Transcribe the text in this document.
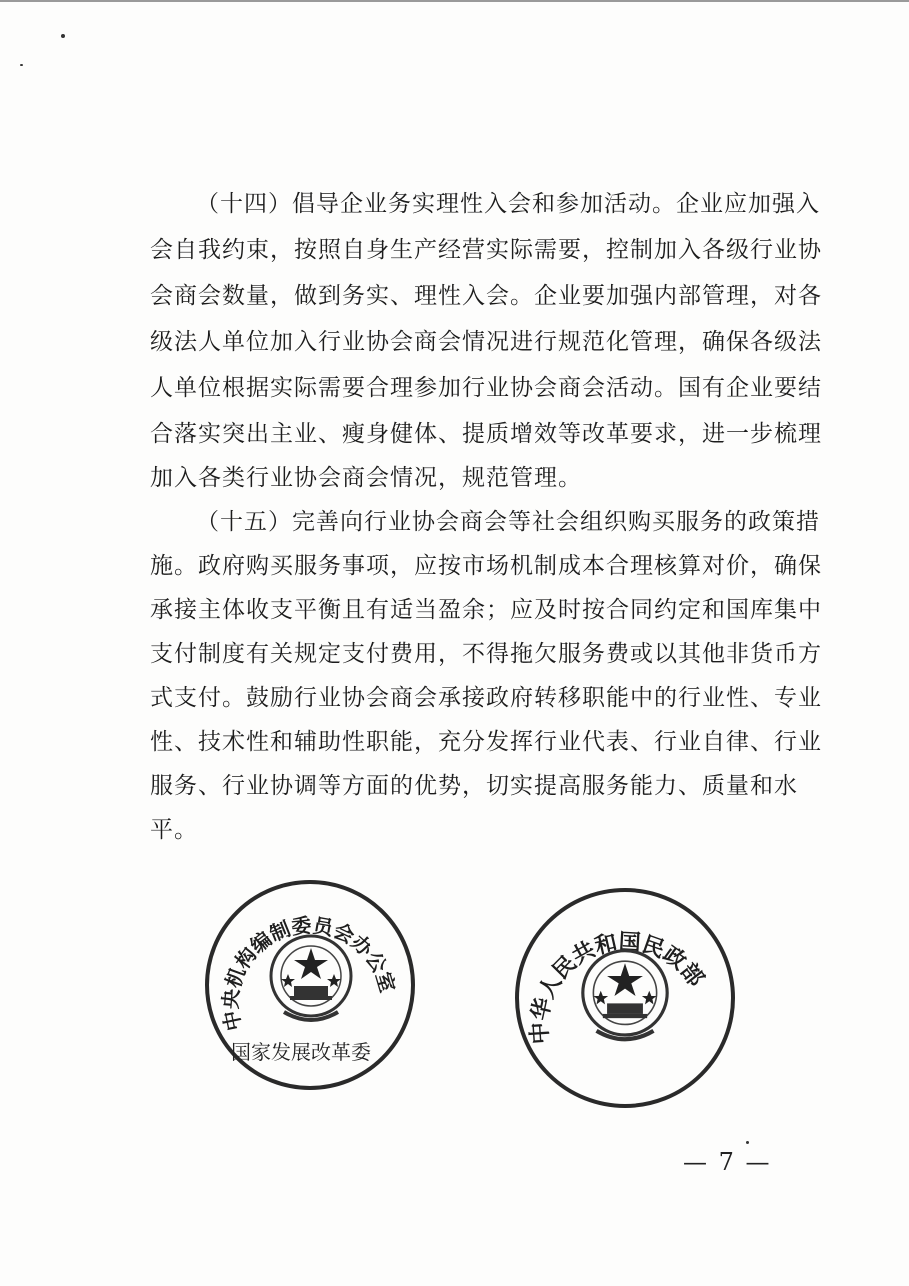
（十四）倡导企业务实理性入会和参加活动。企业应加强入
会自我约束，按照自身生产经营实际需要，控制加入各级行业协
会商会数量，做到务实、理性入会。企业要加强内部管理，对各
级法人单位加入行业协会商会情况进行规范化管理，确保各级法
人单位根据实际需要合理参加行业协会商会活动。国有企业要结
合落实突出主业、瘦身健体、提质增效等改革要求，进一步梳理
加入各类行业协会商会情况，规范管理。
（十五）完善向行业协会商会等社会组织购买服务的政策措
施。政府购买服务事项，应按市场机制成本合理核算对价，确保
承接主体收支平衡且有适当盈余；应及时按合同约定和国库集中
支付制度有关规定支付费用，不得拖欠服务费或以其他非货币方
式支付。鼓励行业协会商会承接政府转移职能中的行业性、专业
性、技术性和辅助性职能，充分发挥行业代表、行业自律、行业
服务、行业协调等方面的优势，切实提高服务能力、质量和水
平。
中央机构编制委员会办公室
国家发展改革委
中华人民共和国民政部
— 7 —
